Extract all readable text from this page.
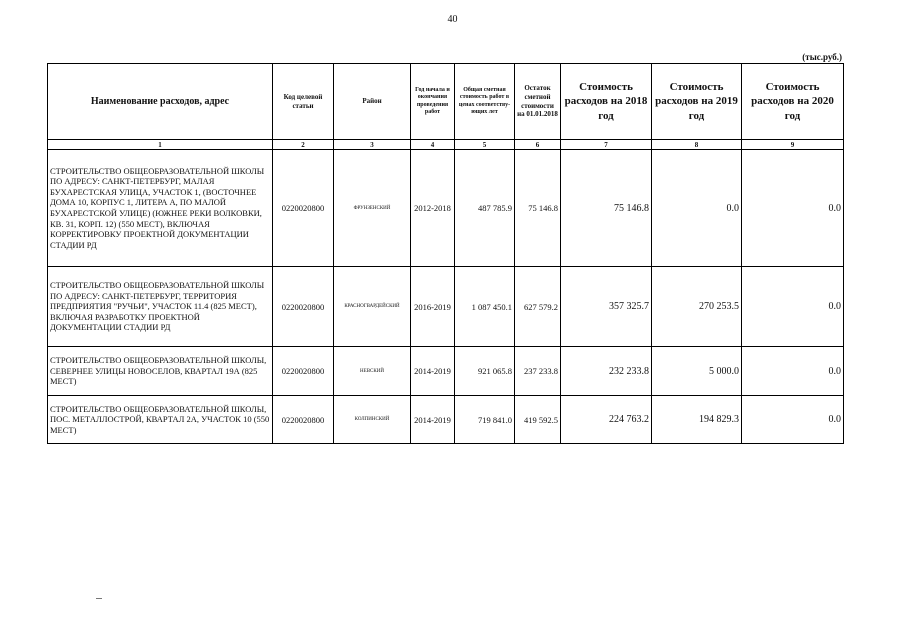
40
(тыс.руб.)
Наименование расходов, адрес	Код целевой статьи	Район	Год начала и окончания проведения работ	Общая сметная стоимость работ в ценах соответству-ющих лет	Остаток сметной стоимости на 01.01.2018	Стоимость расходов на 2018 год	Стоимость расходов на 2019 год	Стоимость расходов на 2020 год
1	2	3	4	5	6	7	8	9
СТРОИТЕЛЬСТВО ОБЩЕОБРАЗОВАТЕЛЬНОЙ ШКОЛЫ ПО АДРЕСУ: САНКТ-ПЕТЕРБУРГ, МАЛАЯ БУХАРЕСТСКАЯ УЛИЦА, УЧАСТОК 1, (ВОСТОЧНЕЕ ДОМА 10, КОРПУС 1, ЛИТЕРА А, ПО МАЛОЙ БУХАРЕСТСКОЙ УЛИЦЕ) (ЮЖНЕЕ РЕКИ ВОЛКОВКИ, КВ. 31, КОРП. 12) (550 МЕСТ), ВКЛЮЧАЯ КОРРЕКТИРОВКУ ПРОЕКТНОЙ ДОКУМЕНТАЦИИ СТАДИИ РД	0220020800	ФРУНЗЕНСКИЙ	2012-2018	487 785.9	75 146.8	75 146.8	0.0	0.0
СТРОИТЕЛЬСТВО ОБЩЕОБРАЗОВАТЕЛЬНОЙ ШКОЛЫ ПО АДРЕСУ: САНКТ-ПЕТЕРБУРГ, ТЕРРИТОРИЯ ПРЕДПРИЯТИЯ "РУЧЬИ", УЧАСТОК 11.4 (825 МЕСТ), ВКЛЮЧАЯ РАЗРАБОТКУ ПРОЕКТНОЙ ДОКУМЕНТАЦИИ СТАДИИ РД	0220020800	КРАСНОГВАРДЕЙСКИЙ	2016-2019	1 087 450.1	627 579.2	357 325.7	270 253.5	0.0
СТРОИТЕЛЬСТВО ОБЩЕОБРАЗОВАТЕЛЬНОЙ ШКОЛЫ, СЕВЕРНЕЕ УЛИЦЫ НОВОСЕЛОВ, КВАРТАЛ 19А (825 МЕСТ)	0220020800	НЕВСКИЙ	2014-2019	921 065.8	237 233.8	232 233.8	5 000.0	0.0
СТРОИТЕЛЬСТВО ОБЩЕОБРАЗОВАТЕЛЬНОЙ ШКОЛЫ, ПОС. МЕТАЛЛОСТРОЙ, КВАРТАЛ 2А, УЧАСТОК 10 (550 МЕСТ)	0220020800	КОЛПИНСКИЙ	2014-2019	719 841.0	419 592.5	224 763.2	194 829.3	0.0
